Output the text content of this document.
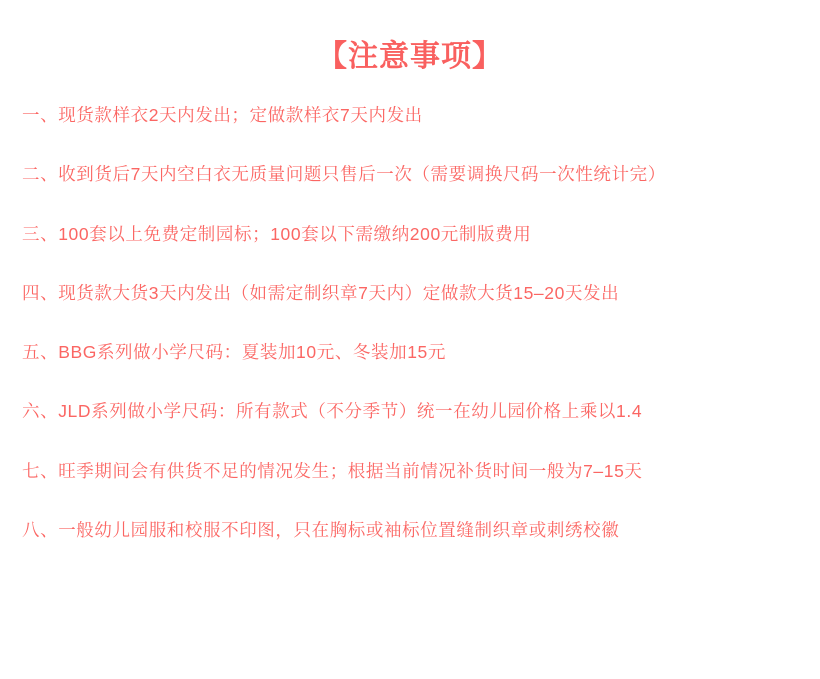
【注意事项】
一、现货款样衣2天内发出；定做款样衣7天内发出
二、收到货后7天内空白衣无质量问题只售后一次（需要调换尺码一次性统计完）
三、100套以上免费定制园标；100套以下需缴纳200元制版费用
四、现货款大货3天内发出（如需定制织章7天内）定做款大货15–20天发出
五、BBG系列做小学尺码：夏装加10元、冬装加15元
六、JLD系列做小学尺码：所有款式（不分季节）统一在幼儿园价格上乘以1.4
七、旺季期间会有供货不足的情况发生；根据当前情况补货时间一般为7–15天
八、一般幼儿园服和校服不印图，只在胸标或袖标位置缝制织章或刺绣校徽
